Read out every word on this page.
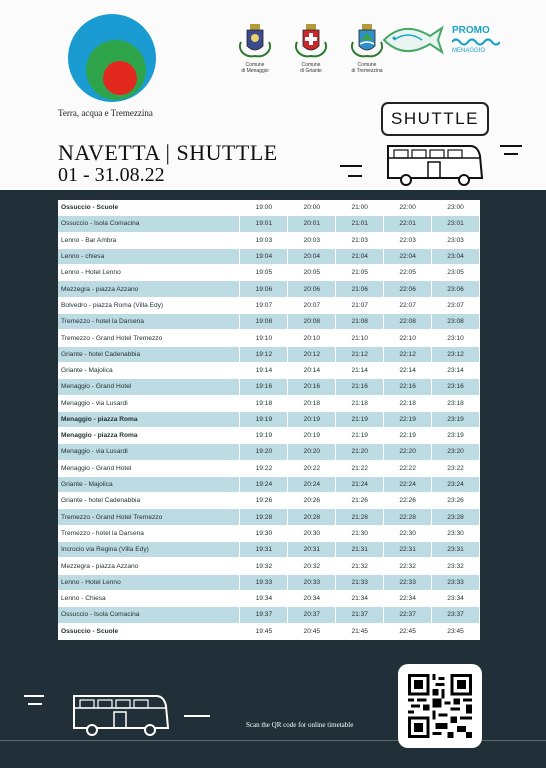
Terra, acqua e Tremezzina
Comune
di Menaggio
Comune
di Griante
Comune
di Tremezzina
PROMO
MENAGGIO
NAVETTA | SHUTTLE
01 - 31.08.22
SHUTTLE
Ossuccio - Scuole	19:00	20:00	21:00	22:00	23:00
Ossuccio - Isola Comacina	19:01	20:01	21:01	22:01	23:01
Lenno - Bar Ambra	19:03	20:03	21:03	22:03	23:03
Lenno - chiesa	19:04	20:04	21:04	22:04	23:04
Lenno - Hotel Lenno	19:05	20:05	21:05	22:05	23:05
Mezzegra - piazza Azzano	19:06	20:06	21:06	22:06	23:06
Bolvedro - piazza Roma (Villa Edy)	19:07	20:07	21:07	22:07	23:07
Tremezzo - hotel la Darsena	19:08	20:08	21:08	22:08	23:08
Tremezzo - Grand Hotel Tremezzo	19:10	20:10	21:10	22:10	23:10
Griante - hotel Cadenabbia	19:12	20:12	21:12	22:12	23:12
Griante - Majolica	19:14	20:14	21:14	22:14	23:14
Menaggio - Grand Hotel	19:16	20:16	21:16	22:16	23:16
Menaggio - via Lusardi	19:18	20:18	21:18	22:18	23:18
Menaggio - piazza Roma	19:19	20:19	21:19	22:19	23:19
Menaggio - piazza Roma	19:19	20:19	21:19	22:19	23:19
Menaggio - via Lusardi	19:20	20:20	21:20	22:20	23:20
Menaggio - Grand Hotel	19:22	20:22	21:22	22:22	23:22
Griante - Majolica	19:24	20:24	21:24	22:24	23:24
Griante - hotel Cadenabbia	19:26	20:26	21:26	22:26	23:26
Tremezzo - Grand Hotel Tremezzo	19:28	20:28	21:28	22:28	23:28
Tremezzo - hotel la Darsena	19:30	20:30	21:30	22:30	23:30
Incrocio via Regina (Villa Edy)	19:31	20:31	21:31	22:31	23:31
Mezzegra - piazza Azzano	19:32	20:32	21:32	22:32	23:32
Lenno - Hotel Lenno	19:33	20:33	21:33	22:33	23:33
Lenno - Chiesa	19:34	20:34	21:34	22:34	23:34
Ossuccio - Isola Comacina	19:37	20:37	21:37	22:37	23:37
Ossuccio - Scuole	19:45	20:45	21:45	22:45	23:45
Scan the QR code for online timetable
